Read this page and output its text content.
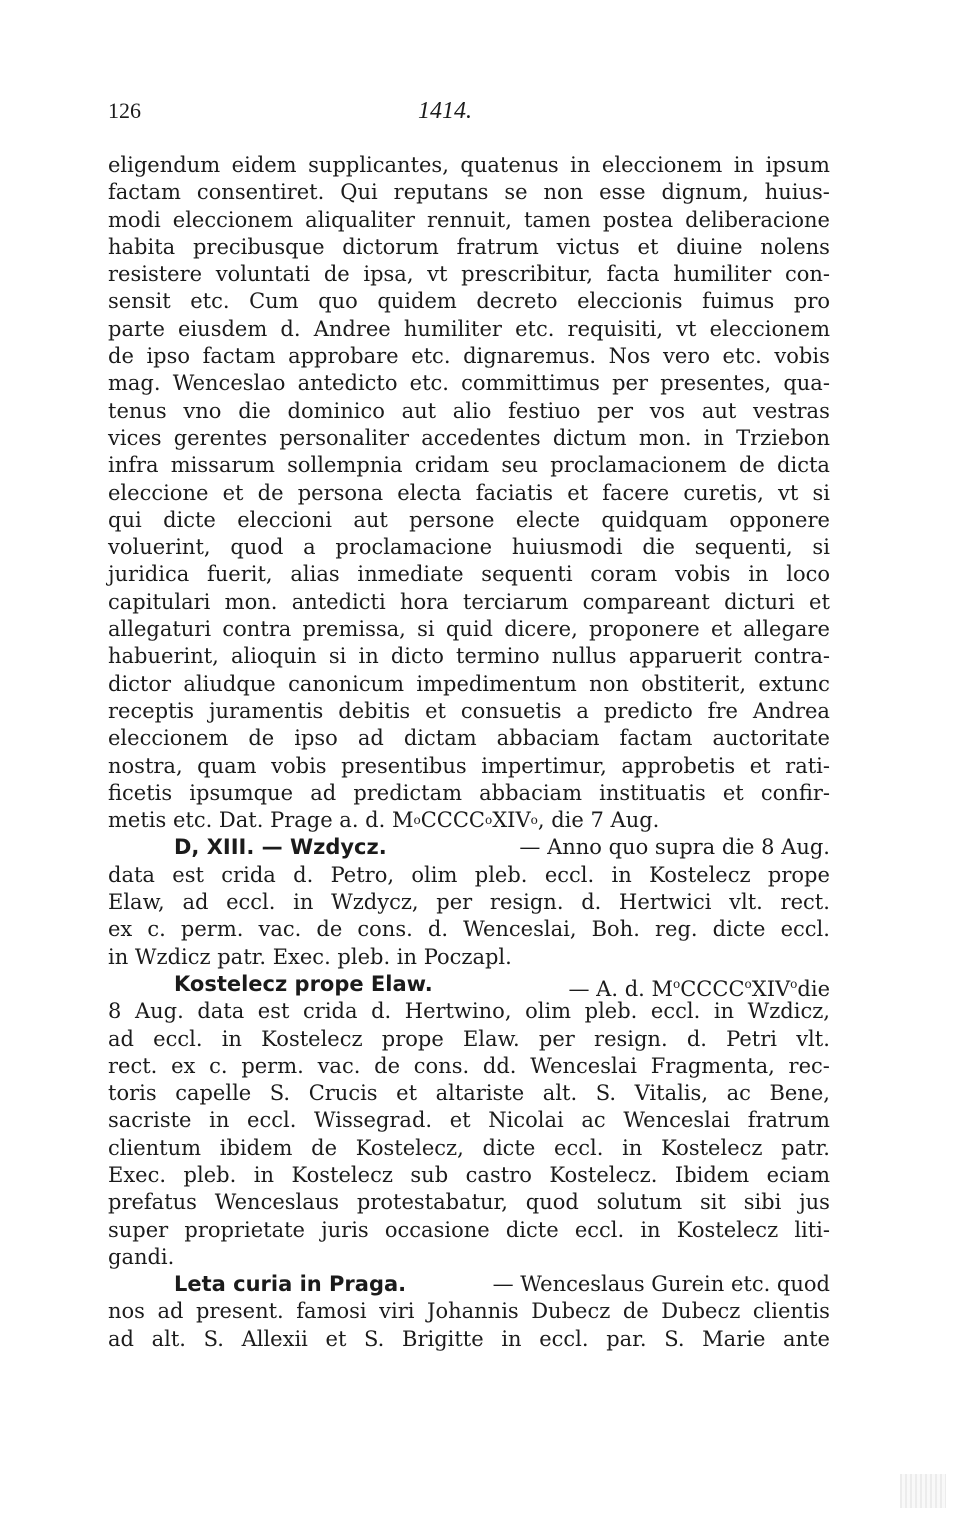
126	1414.
eligendum eidem supplicantes, quatenus in eleccionem in ipsum
factam consentiret. Qui reputans se non esse dignum, huius-
modi eleccionem aliqualiter rennuit, tamen postea deliberacione
habita precibusque dictorum fratrum victus et diuine nolens
resistere voluntati de ipsa, vt prescribitur, facta humiliter con-
sensit etc. Cum quo quidem decreto eleccionis fuimus pro
parte eiusdem d. Andree humiliter etc. requisiti, vt eleccionem
de ipso factam approbare etc. dignaremus. Nos vero etc. vobis
mag. Wenceslao antedicto etc. committimus per presentes, qua-
tenus vno die dominico aut alio festiuo per vos aut vestras
vices gerentes personaliter accedentes dictum mon. in Trziebon
infra missarum sollempnia cridam seu proclamacionem de dicta
eleccione et de persona electa faciatis et facere curetis, vt si
qui dicte eleccioni aut persone electe quidquam opponere
voluerint, quod a proclamacione huiusmodi die sequenti, si
juridica fuerit, alias inmediate sequenti coram vobis in loco
capitulari mon. antedicti hora terciarum compareant dicturi et
allegaturi contra premissa, si quid dicere, proponere et allegare
habuerint, alioquin si in dicto termino nullus apparuerit contra-
dictor aliudque canonicum impedimentum non obstiterit, extunc
receptis juramentis debitis et consuetis a predicto fre Andrea
eleccionem de ipso ad dictam abbaciam factam auctoritate
nostra, quam vobis presentibus impertimur, approbetis et rati-
ficetis ipsumque ad predictam abbaciam instituatis et confir-
metis etc. Dat. Prage a. d. M o CCCC o XIV o , die 7 Aug.
D, XIII. — Wzdycz.	— Anno quo supra die 8 Aug.
data est crida d. Petro, olim pleb. eccl. in Kostelecz prope
Elaw, ad eccl. in Wzdycz, per resign. d. Hertwici vlt. rect.
ex c. perm. vac. de cons. d. Wenceslai, Boh. reg. dicte eccl.
in Wzdicz patr. Exec. pleb. in Poczapl.
Kostelecz prope Elaw.	— A. d. MoCCCCoXIVodie
8 Aug. data est crida d. Hertwino, olim pleb. eccl. in Wzdicz,
ad eccl. in Kostelecz prope Elaw. per resign. d. Petri vlt.
rect. ex c. perm. vac. de cons. dd. Wenceslai Fragmenta, rec-
toris capelle S. Crucis et altariste alt. S. Vitalis, ac Bene,
sacriste in eccl. Wissegrad. et Nicolai ac Wenceslai fratrum
clientum ibidem de Kostelecz, dicte eccl. in Kostelecz patr.
Exec. pleb. in Kostelecz sub castro Kostelecz. Ibidem eciam
prefatus Wenceslaus protestabatur, quod solutum sit sibi jus
super proprietate juris occasione dicte eccl. in Kostelecz liti-
gandi.
Leta curia in Praga.	— Wenceslaus Gurein etc. quod
nos ad present. famosi viri Johannis Dubecz de Dubecz clientis
ad alt. S. Allexii et S. Brigitte in eccl. par. S. Marie ante
